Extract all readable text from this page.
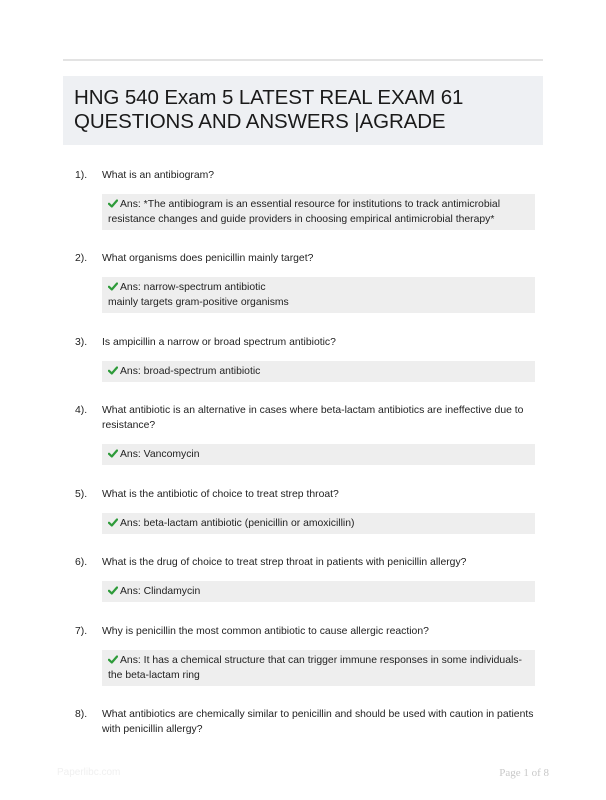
HNG 540 Exam 5 LATEST REAL EXAM 61 QUESTIONS AND ANSWERS |AGRADE
1). What is an antibiogram?
Ans: *The antibiogram is an essential resource for institutions to track antimicrobial resistance changes and guide providers in choosing empirical antimicrobial therapy*
2). What organisms does penicillin mainly target?
Ans: narrow-spectrum antibiotic
mainly targets gram-positive organisms
3). Is ampicillin a narrow or broad spectrum antibiotic?
Ans: broad-spectrum antibiotic
4). What antibiotic is an alternative in cases where beta-lactam antibiotics are ineffective due to resistance?
Ans: Vancomycin
5). What is the antibiotic of choice to treat strep throat?
Ans: beta-lactam antibiotic (penicillin or amoxicillin)
6). What is the drug of choice to treat strep throat in patients with penicillin allergy?
Ans: Clindamycin
7). Why is penicillin the most common antibiotic to cause allergic reaction?
Ans: It has a chemical structure that can trigger immune responses in some individuals- the beta-lactam ring
8). What antibiotics are chemically similar to penicillin and should be used with caution in patients with penicillin allergy?
Paperlibc.com	Page 1 of 8
